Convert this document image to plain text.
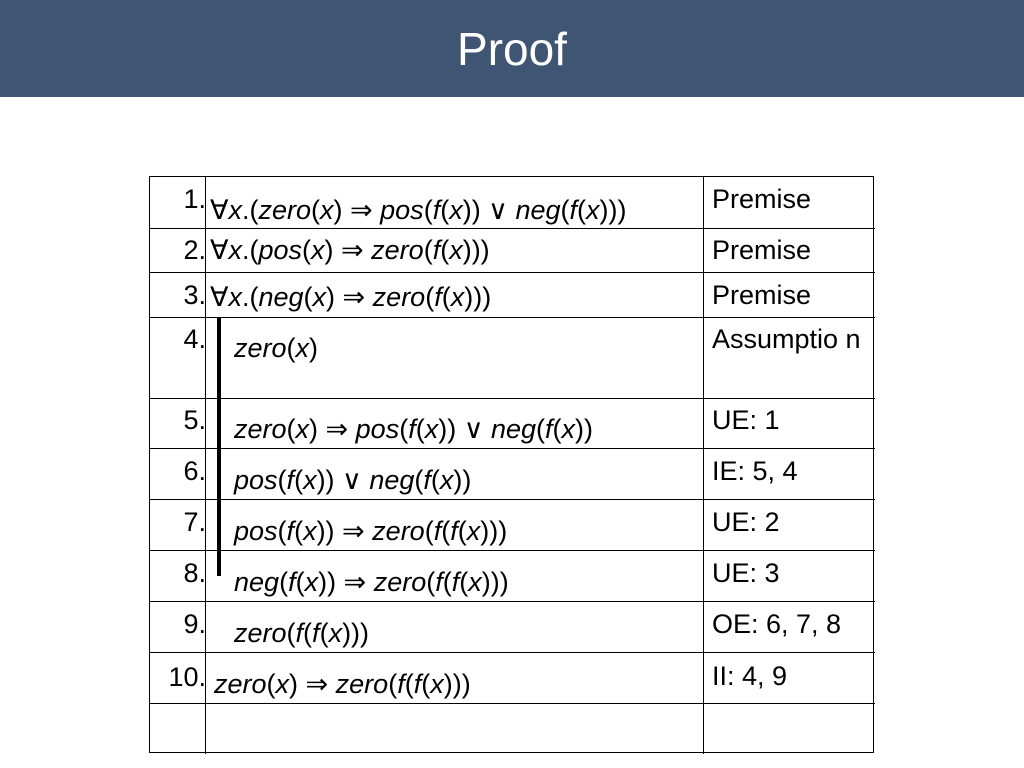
Proof
1. ∀x.(zero(x) ⇒ pos(f(x)) ∨ neg(f(x)))	Premise
2. ∀x.(pos(x) ⇒ zero(f(x)))	Premise
3. ∀x.(neg(x) ⇒ zero(f(x)))	Premise
4. zero(x)	Assumptio n
5. zero(x) ⇒ pos(f(x)) ∨ neg(f(x))	UE: 1
6. pos(f(x)) ∨ neg(f(x))	IE: 5, 4
7. pos(f(x)) ⇒ zero(f(f(x)))	UE: 2
8. neg(f(x)) ⇒ zero(f(f(x)))	UE: 3
9. zero(f(f(x)))	OE: 6, 7, 8
10. zero(x) ⇒ zero(f(f(x)))	II: 4, 9
